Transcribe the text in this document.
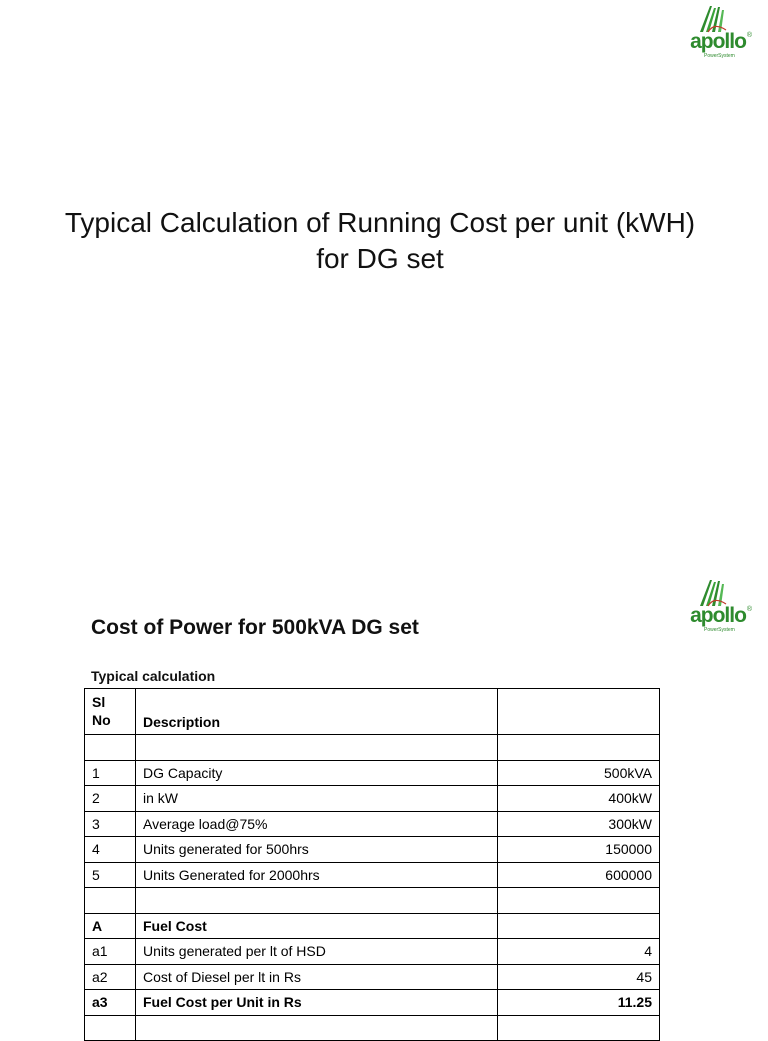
apollo ®
PowerSystem
Typical Calculation of Running Cost per unit (kWH)
for DG set
apollo ®
PowerSystem
Cost of Power for 500kVA DG set
Typical calculation
Sl
No	Description	

1	DG Capacity	500kVA
2	in kW	400kW
3	Average load@75%	300kW
4	Units generated for 500hrs	150000
5	Units Generated for 2000hrs	600000

A	Fuel Cost	
a1	Units generated per lt of HSD	4
a2	Cost of Diesel per lt in Rs	45
a3	Fuel Cost per Unit in Rs	11.25
